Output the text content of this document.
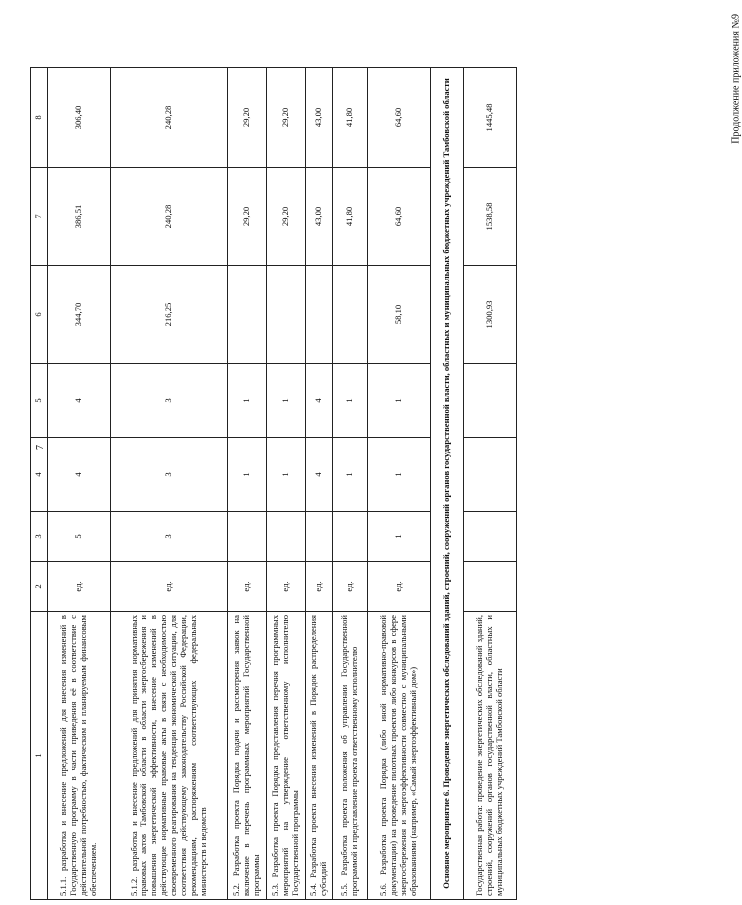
7
Продолжение приложения №9
1	2	3	4	5	6	7	8
5.1.1. разработка и внесение предложений для внесения изменений в Государственную программу в части приведения её в соответствие с действительной потребностью, фактическим и планируемым финансовым обеспечением.	ед.	5	4	4	344,70	386,51	306,40
5.1.2. разработка и внесение предложений для принятия нормативных правовых актов Тамбовской области в области энергосбережения и повышения энергетической эффективности, внесение изменений в действующие нормативные правовые акты в связи с необходимостью своевременного реагирования на тенденции экономической ситуации, для соответствия действующему законодательству Российской Федерации, рекомендациям, распоряжениям соответствующих федеральных министерств и ведомств	ед.	3	3	3	216,25	240,28	240,28
5.2. Разработка проекта Порядка подачи и рассмотрения заявок на включение в перечень программных мероприятий Государственной программы	ед.		1	1		29,20	29,20
5.3. Разработка проекта Порядка представления перечня программных мероприятий на утверждение ответственному исполнителю Государственной программы	ед.		1	1		29,20	29,20
5.4. Разработка проекта внесения изменений в Порядок распределения субсидий	ед.		4	4		43,00	43,00
5.5. Разработка проекта положения об управлении Государственной программой и представление проекта ответственному исполнителю	ед.		1	1		41,80	41,80
5.6. Разработка проекта Порядка (либо иной нормативно-правовой документации) на проведение пилотных проектов либо конкурсов в сфере энергосбережения и энергоэффективности совместно с муниципальными образованиями (например, «Самый энергоэффективный дом»)	ед.	1	1	1	58,10	64,60	64,60
Основное мероприятие 6. Проведение энергетических обследований зданий, строений, сооружений органов государственной власти, областных и муниципальных бюджетных учреждений Тамбовской области							
Государственная работа: проведение энергетических обследований зданий, строений, сооружений органов государственной власти, областных и муниципальных бюджетных учреждений Тамбовской области					1300,93	1538,58	1445,48
